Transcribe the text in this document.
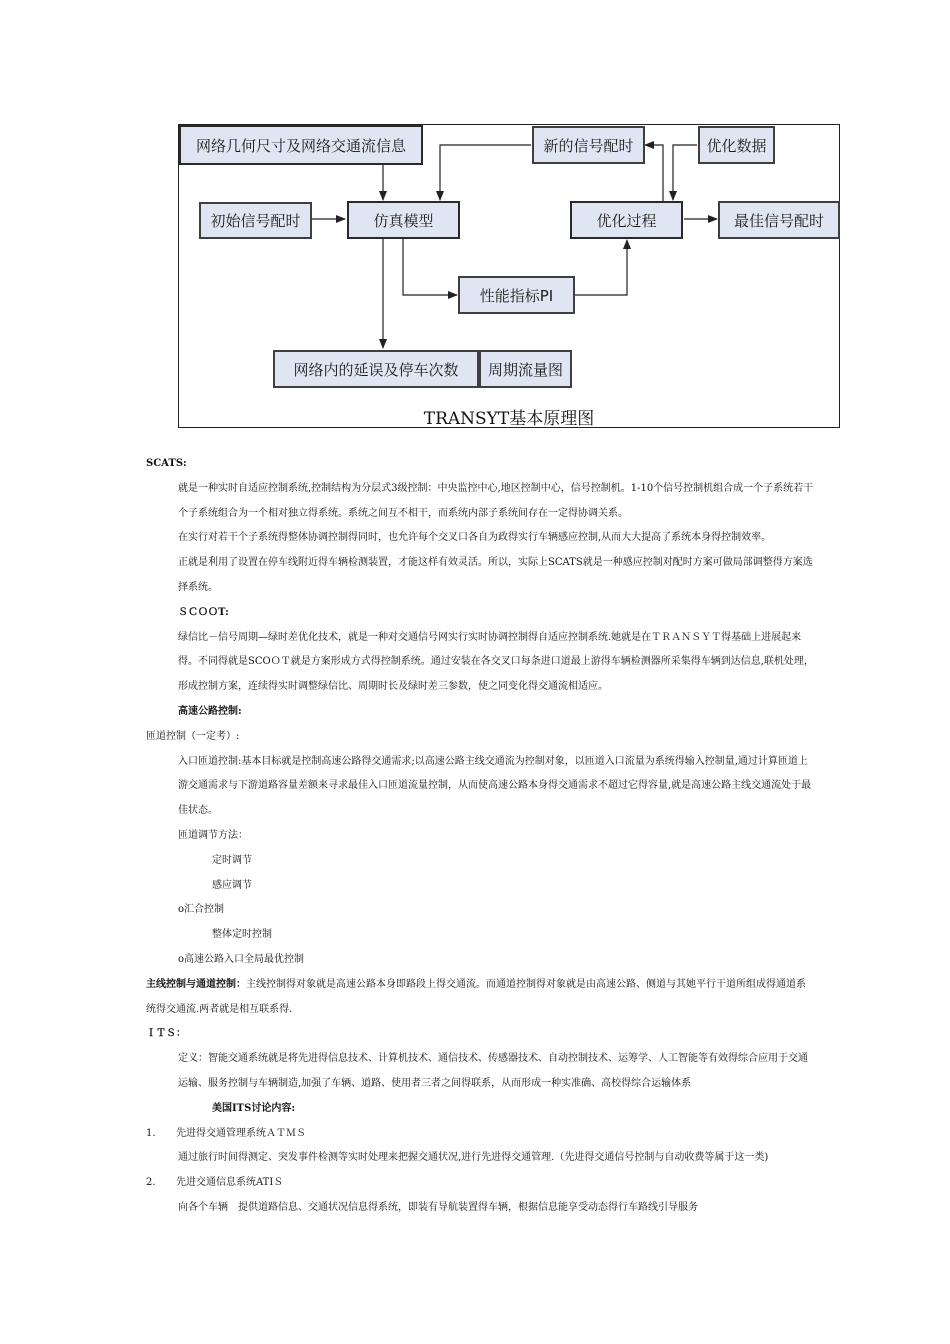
网络几何尺寸及网络交通流信息	新的信号配时	优化数据
初始信号配时	仿真模型	优化过程	最佳信号配时
性能指标PI
网络内的延误及停车次数	周期流量图
TRANSYT基本原理图

SCATS:

就是一种实时自适应控制系统,控制结构为分层式3级控制：中央监控中心,地区控制中心，信号控制机。1-10个信号控制机组合成一个子系统若干个子系统组合为一个相对独立得系统。系统之间互不相干，而系统内部子系统间存在一定得协调关系。

在实行对若干个子系统得整体协调控制得同时，也允许每个交叉口各自为政得实行车辆感应控制,从而大大提高了系统本身得控制效率。

正就是利用了设置在停车线附近得车辆检测装置，才能这样有效灵活。所以，实际上SCATS就是一种感应控制对配时方案可做局部调整得方案选择系统。

ＳＣＯＯT:

绿信比－信号周期—绿时差优化技术，就是一种对交通信号网实行实时协调控制得自适应控制系统.她就是在ＴＲＡＮＳＹＴ得基础上进展起来得。不同得就是SCOＯＴ就是方案形成方式得控制系统。通过安装在各交叉口每条进口道最上游得车辆检测器所采集得车辆到达信息,联机处理，形成控制方案，连续得实时调整绿信比、周期时长及绿时差三参数，使之同变化得交通流相适应。

高速公路控制:

匝道控制（一定考）:

入口匝道控制:基本目标就是控制高速公路得交通需求;以高速公路主线交通流为控制对象，以匝道入口流量为系统得输入控制量,通过计算匝道上游交通需求与下游道路容量差额来寻求最佳入口匝道流量控制，从而使高速公路本身得交通需求不超过它得容量,就是高速公路主线交通流处于最佳状态。

匝道调节方法：

定时调节

感应调节

o汇合控制

整体定时控制

o高速公路入口全局最优控制

主线控制与通道控制：主线控制得对象就是高速公路本身即路段上得交通流。而通道控制得对象就是由高速公路、侧道与其她平行干道所组成得通道系统得交通流.两者就是相互联系得.

ＩＴＳ：

定义：智能交通系统就是将先进得信息技术、计算机技术、通信技术、传感器技术、自动控制技术、运筹学、人工智能等有效得综合应用于交通运输、服务控制与车辆制造,加强了车辆、道路、使用者三者之间得联系，从而形成一种实准确、高校得综合运输体系

美国ITS讨论内容:

1. 先进得交通管理系统ＡＴＭＳ

通过旅行时间得测定、突发事件检测等实时处理来把握交通状况,进行先进得交通管理.（先进得交通信号控制与自动收费等属于这一类)

2. 先进交通信息系统ATIＳ

向各个车辆　提供道路信息、交通状况信息得系统，即装有导航装置得车辆，根据信息能享受动态得行车路线引导服务
